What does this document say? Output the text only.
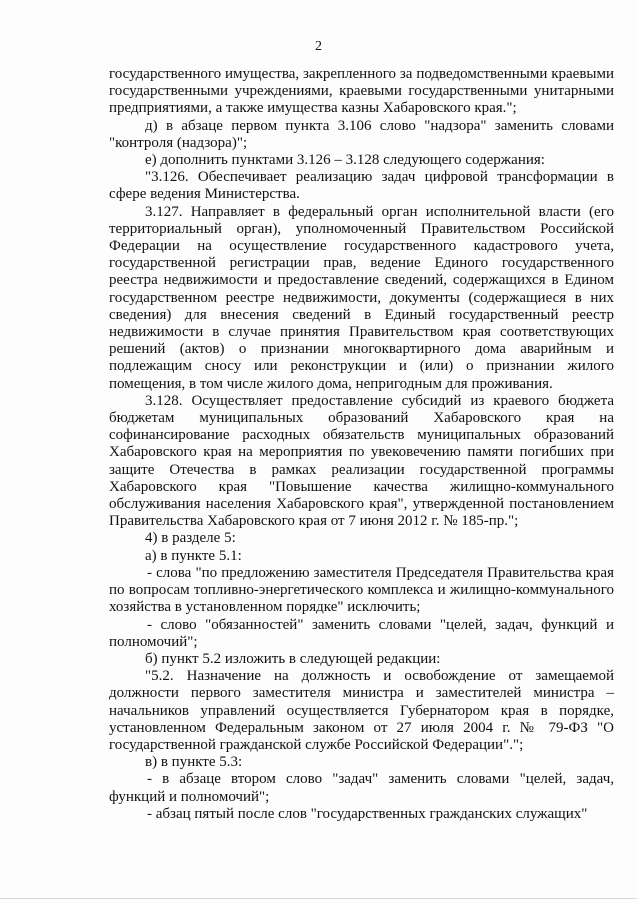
2

государственного имущества, закрепленного за подведомственными краевыми государственными учреждениями, краевыми государственными унитарными предприятиями, а также имущества казны Хабаровского края.";

д) в абзаце первом пункта 3.106 слово "надзора" заменить словами "контроля (надзора)";

е) дополнить пунктами 3.126 – 3.128 следующего содержания:

"3.126. Обеспечивает реализацию задач цифровой трансформации в сфере ведения Министерства.

3.127. Направляет в федеральный орган исполнительной власти (его территориальный орган), уполномоченный Правительством Российской Федерации на осуществление государственного кадастрового учета, государственной регистрации прав, ведение Единого государственного реестра недвижимости и предоставление сведений, содержащихся в Едином государственном реестре недвижимости, документы (содержащиеся в них сведения) для внесения сведений в Единый государственный реестр недвижимости в случае принятия Правительством края соответствующих решений (актов) о признании многоквартирного дома аварийным и подлежащим сносу или реконструкции и (или) о признании жилого помещения, в том числе жилого дома, непригодным для проживания.

3.128. Осуществляет предоставление субсидий из краевого бюджета бюджетам муниципальных образований Хабаровского края на софинансирование расходных обязательств муниципальных образований Хабаровского края на мероприятия по увековечению памяти погибших при защите Отечества в рамках реализации государственной программы Хабаровского края "Повышение качества жилищно-коммунального обслуживания населения Хабаровского края", утвержденной постановлением Правительства Хабаровского края от 7 июня 2012 г. № 185-пр.";

4) в разделе 5:

а) в пункте 5.1:

- слова "по предложению заместителя Председателя Правительства края по вопросам топливно-энергетического комплекса и жилищно-коммунального хозяйства в установленном порядке" исключить;

- слово "обязанностей" заменить словами "целей, задач, функций и полномочий";

б) пункт 5.2 изложить в следующей редакции:

"5.2. Назначение на должность и освобождение от замещаемой должности первого заместителя министра и заместителей министра – начальников управлений осуществляется Губернатором края в порядке, установленном Федеральным законом от 27 июля 2004 г. № 79-ФЗ "О государственной гражданской службе Российской Федерации".";

в) в пункте 5.3:

- в абзаце втором слово "задач" заменить словами "целей, задач, функций и полномочий";

- абзац пятый после слов "государственных гражданских служащих"
